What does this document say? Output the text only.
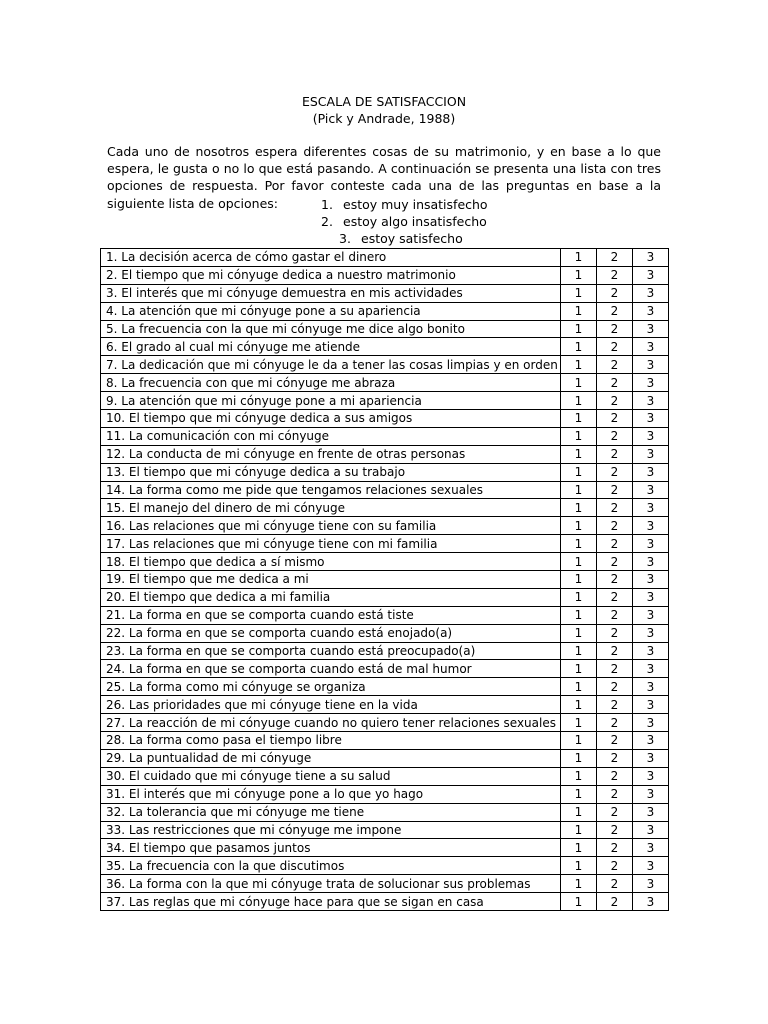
ESCALA DE SATISFACCION
(Pick y Andrade, 1988)
Cada uno de nosotros espera diferentes cosas de su matrimonio, y en base a lo que espera, le gusta o no lo que está pasando. A continuación se presenta una lista con tres opciones de respuesta. Por favor conteste cada una de las preguntas en base a la siguiente lista de opciones:	1. estoy muy insatisfecho
2. estoy algo insatisfecho
3. estoy satisfecho
1. La decisión acerca de cómo gastar el dinero	1	2	3
2. El tiempo que mi cónyuge dedica a nuestro matrimonio	1	2	3
3. El interés que mi cónyuge demuestra en mis actividades	1	2	3
4. La atención que mi cónyuge pone a su apariencia	1	2	3
5. La frecuencia con la que mi cónyuge me dice algo bonito	1	2	3
6. El grado al cual mi cónyuge me atiende	1	2	3
7. La dedicación que mi cónyuge le da a tener las cosas limpias y en orden	1	2	3
8. La frecuencia con que mi cónyuge me abraza	1	2	3
9. La atención que mi cónyuge pone a mi apariencia	1	2	3
10. El tiempo que mi cónyuge dedica a sus amigos	1	2	3
11. La comunicación con mi cónyuge	1	2	3
12. La conducta de mi cónyuge en frente de otras personas	1	2	3
13. El tiempo que mi cónyuge dedica a su trabajo	1	2	3
14. La forma como me pide que tengamos relaciones sexuales	1	2	3
15. El manejo del dinero de mi cónyuge	1	2	3
16. Las relaciones que mi cónyuge tiene con su familia	1	2	3
17. Las relaciones que mi cónyuge tiene con mi familia	1	2	3
18. El tiempo que dedica a sí mismo	1	2	3
19. El tiempo que me dedica a mi	1	2	3
20. El tiempo que dedica a mi familia	1	2	3
21. La forma en que se comporta cuando está tiste	1	2	3
22. La forma en que se comporta cuando está enojado(a)	1	2	3
23. La forma en que se comporta cuando está preocupado(a)	1	2	3
24. La forma en que se comporta cuando está de mal humor	1	2	3
25. La forma como mi cónyuge se organiza	1	2	3
26. Las prioridades que mi cónyuge tiene en la vida	1	2	3
27. La reacción de mi cónyuge cuando no quiero tener relaciones sexuales	1	2	3
28. La forma como pasa el tiempo libre	1	2	3
29. La puntualidad de mi cónyuge	1	2	3
30. El cuidado que mi cónyuge tiene a su salud	1	2	3
31. El interés que mi cónyuge pone a lo que yo hago	1	2	3
32. La tolerancia que mi cónyuge me tiene	1	2	3
33. Las restricciones que mi cónyuge me impone	1	2	3
34. El tiempo que pasamos juntos	1	2	3
35. La frecuencia con la que discutimos	1	2	3
36. La forma con la que mi cónyuge trata de solucionar sus problemas	1	2	3
37. Las reglas que mi cónyuge hace para que se sigan en casa	1	2	3
